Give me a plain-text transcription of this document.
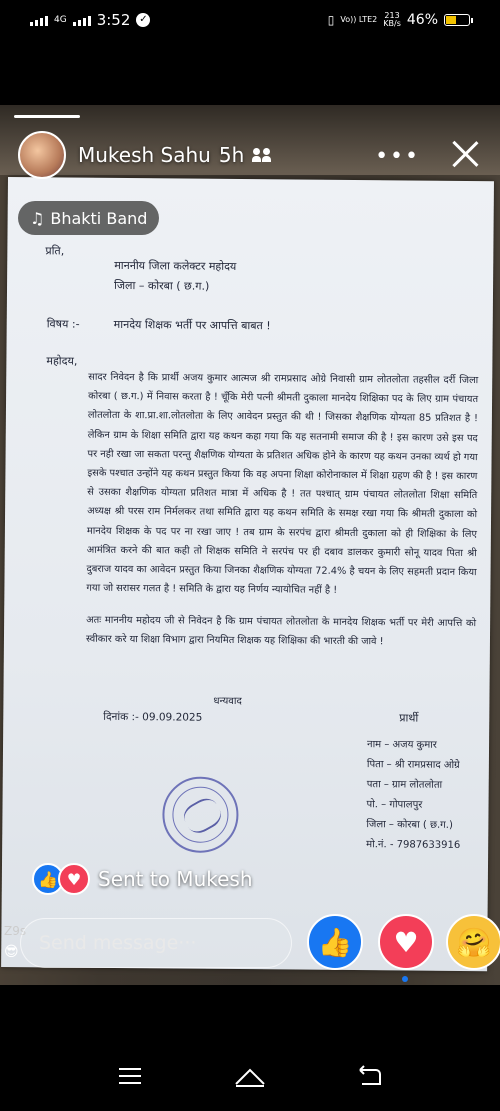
4G 3:52 ✓	▯ Vo)) LTE2 213
KB/s 46%
प्रति,
माननीय जिला कलेक्टर महोदय
जिला – कोरबा ( छ.ग.)
विषय :-	मानदेय शिक्षक भर्ती पर आपत्ति बाबत !
महोदय,
सादर निवेदन है कि प्रार्थी अजय कुमार आत्मज श्री रामप्रसाद ओग्रे निवासी ग्राम लोतलोता तहसील दर्री जिला कोरबा ( छ.ग.) में निवास करता है ! चूँकि मेरी पत्नी श्रीमती दुकाला मानदेय शिक्षिका पद के लिए ग्राम पंचायत लोतलोता के शा.प्रा.शा.लोतलोता के लिए आवेदन प्रस्तुत की थी ! जिसका शैक्षणिक योग्यता 85 प्रतिशत है ! लेकिन ग्राम के शिक्षा समिति द्वारा यह कथन कहा गया कि यह सतनामी समाज की है ! इस कारण उसे इस पद पर नही रखा जा सकता परन्तु शैक्षणिक योग्यता के प्रतिशत अधिक होने के कारण यह कथन उनका व्यर्थ हो गया इसके पश्चात उन्होंने यह कथन प्रस्तुत किया कि वह अपना शिक्षा कोरोनाकाल में शिक्षा ग्रहण की है ! इस कारण से उसका शैक्षणिक योग्यता प्रतिशत मात्रा में अधिक है ! तत पश्चात् ग्राम पंचायत लोतलोता शिक्षा समिति अध्यक्ष श्री परस राम निर्मलकर तथा समिति द्वारा यह कथन समिति के समक्ष रखा गया कि श्रीमती दुकाला को मानदेय शिक्षक के पद पर ना रखा जाए ! तब ग्राम के सरपंच द्वारा श्रीमती दुकाला को ही शिक्षिका के लिए आमंत्रित करने की बात कही तो शिक्षक समिति ने सरपंच पर ही दबाव डालकर कुमारी सोनू यादव पिता श्री दुबराज यादव का आवेदन प्रस्तुत किया जिनका शैक्षणिक योग्यता 72.4% है चयन के लिए सहमती प्रदान किया गया जो सरासर गलत है ! समिति के द्वारा यह निर्णय न्यायोचित नहीं है !
अतः माननीय महोदय जी से निवेदन है कि ग्राम पंचायत लोतलोता के मानदेय शिक्षक भर्ती पर मेरी आपत्ति को स्वीकार करे या शिक्षा विभाग द्वारा नियमित शिक्षक यह शिक्षिका की भारती की जावे !
धन्यवाद
दिनांक :- 09.09.2025	प्रार्थी
नाम – अजय कुमार
पिता – श्री रामप्रसाद ओग्रे
पता – ग्राम लोतलोता
पो. – गोपालपुर
जिला – कोरबा ( छ.ग.)
मो.नं. - 7987633916
Mukesh Sahu 5h	•••
♫ Bhakti Band
👍 ♥ Sent to Mukesh
Z9s
😎 Send message···	👍	♥	🤗
